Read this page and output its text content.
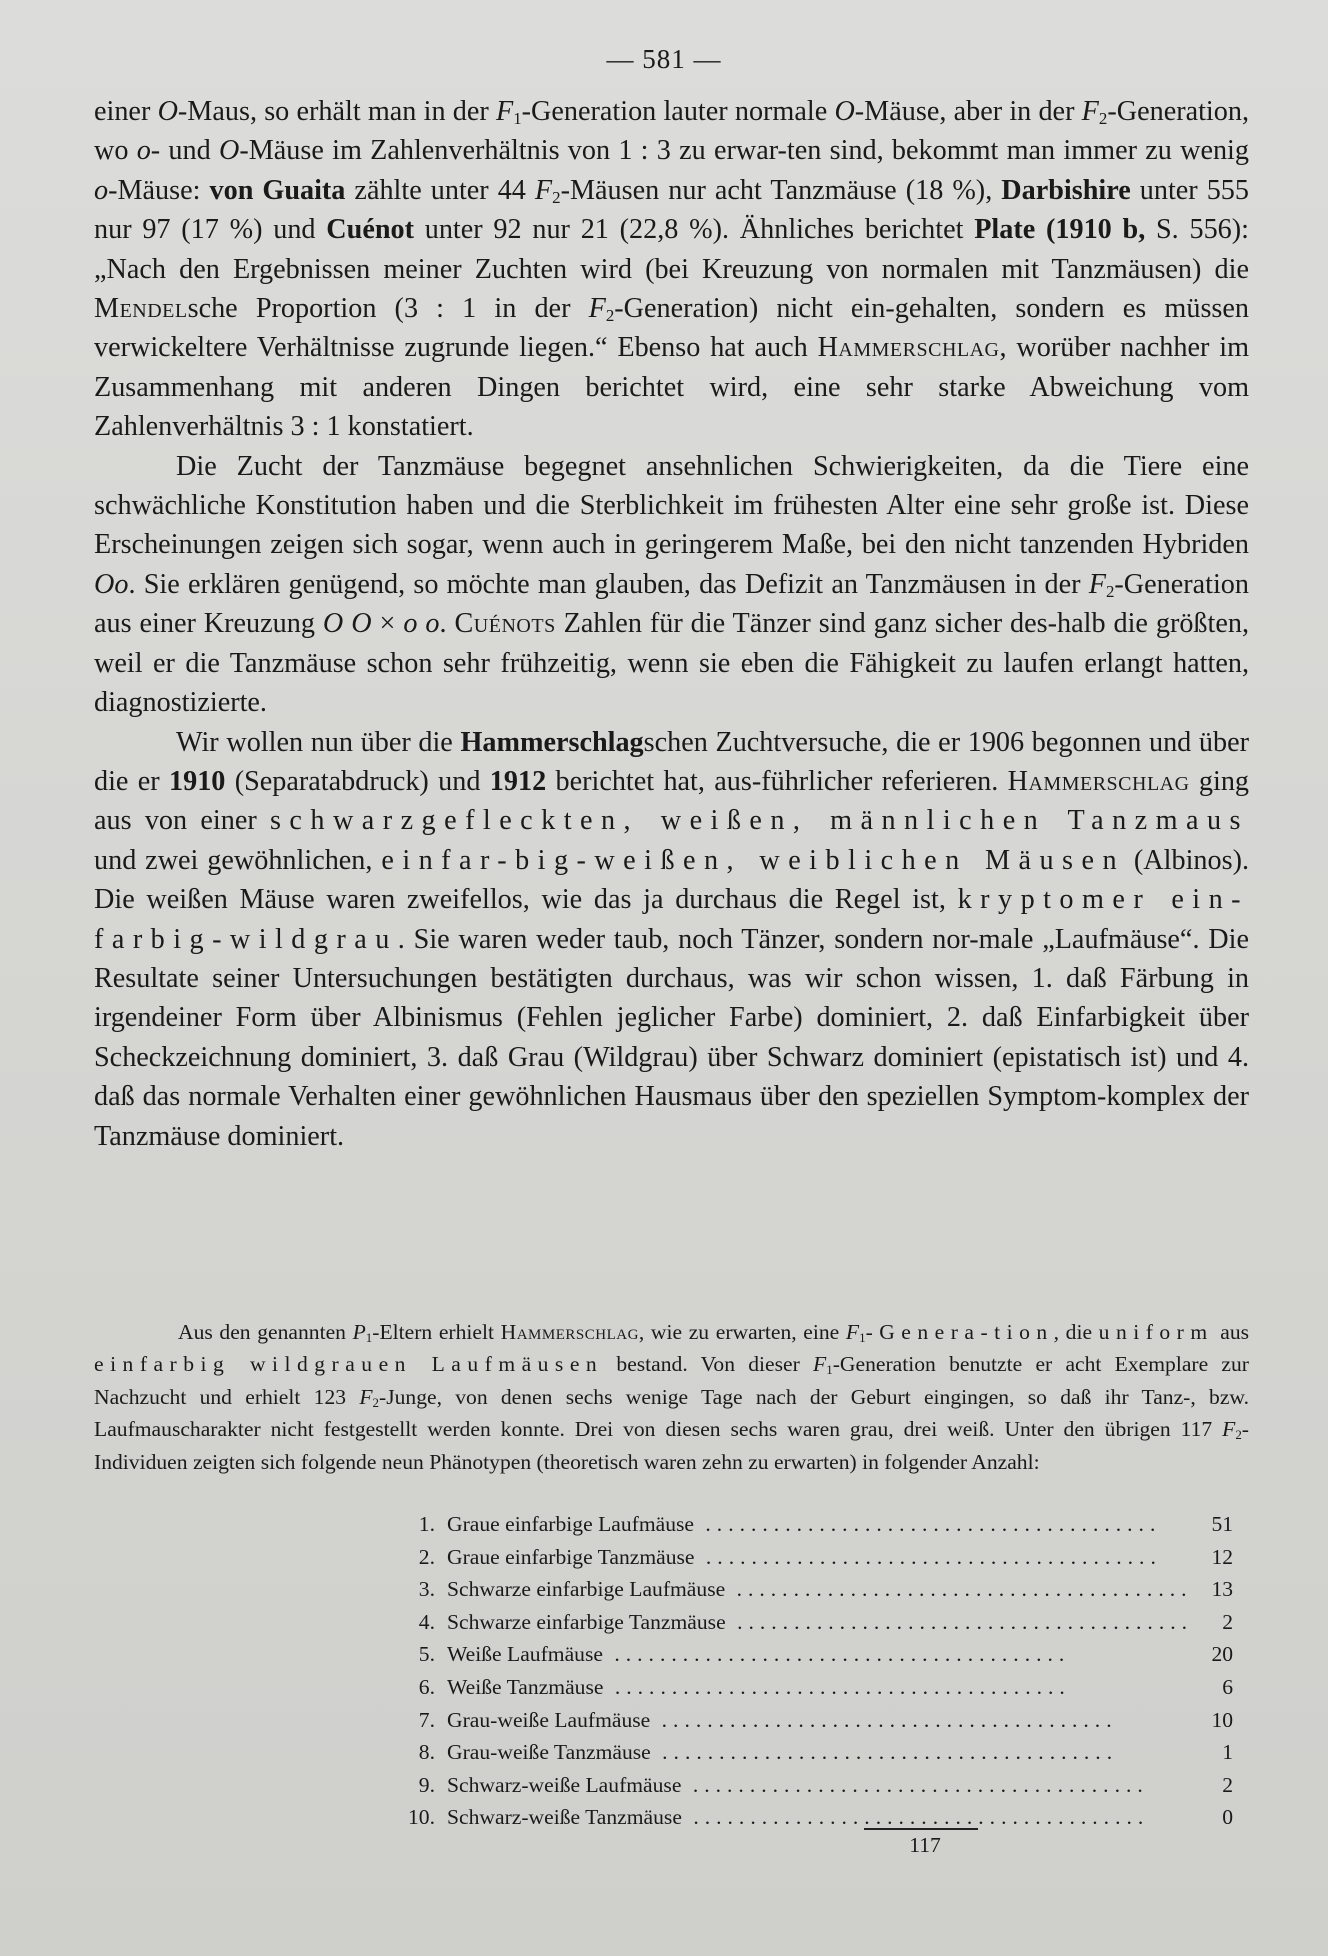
— 581 —

einer O-Maus, so erhält man in der $F_1$-Generation lauter normale O-Mäuse, aber in der $F_2$-Generation, wo o- und O-Mäuse im Zahlenverhältnis von 1 : 3 zu erwar-ten sind, bekommt man immer zu wenig o-Mäuse: von Guaita zählte unter 44 $F_2$-Mäusen nur acht Tanzmäuse (18 %), Darbishire unter 555 nur 97 (17 %) und Cuénot unter 92 nur 21 (22,8 %). Ähnliches berichtet Plate (1910 b, S. 556): „Nach den Ergebnissen meiner Zuchten wird (bei Kreuzung von normalen mit Tanzmäusen) die Mendelsche Proportion (3 : 1 in der $F_2-Generation$) nicht ein-gehalten, sondern es müssen verwickeltere Verhältnisse zugrunde liegen.“ Ebenso hat auch Hammerschlag, worüber nachher im Zusammenhang mit anderen Dingen berichtet wird, eine sehr starke Abweichung vom Zahlenverhältnis 3 : 1 konstatiert.

Die Zucht der Tanzmäuse begegnet ansehnlichen Schwierigkeiten, da die Tiere eine schwächliche Konstitution haben und die Sterblichkeit im frühesten Alter eine sehr große ist. Diese Erscheinungen zeigen sich sogar, wenn auch in geringerem Maße, bei den nicht tanzenden Hybriden Oo. Sie erklären genügend, so möchte man glauben, das Defizit an Tanzmäusen in der $F_2$-Generation aus einer Kreuzung O O × o o. Cuénots Zahlen für die Tänzer sind ganz sicher des-halb die größten, weil er die Tanzmäuse schon sehr frühzeitig, wenn sie eben die Fähigkeit zu laufen erlangt hatten, diagnostizierte.

Wir wollen nun über die Hammerschlagschen Zuchtversuche, die er 1906 begonnen und über die er 1910 (Separatabdruck) und 1912 berichtet hat, aus-führlicher referieren. Hammerschlag ging aus von einer schwarzgefleckten, weißen, männlichen Tanzmaus und zwei gewöhnlichen, einfar-big-weißen, weiblichen Mäusen (Albinos). Die weißen Mäuse waren zweifellos, wie das ja durchaus die Regel ist, kryptomer ein-farbig-wildgrau. Sie waren weder taub, noch Tänzer, sondern nor-male „Laufmäuse“. Die Resultate seiner Untersuchungen bestätigten durchaus, was wir schon wissen, 1. daß Färbung in irgendeiner Form über Albinismus (Fehlen jeglicher Farbe) dominiert, 2. daß Einfarbigkeit über Scheckzeichnung dominiert, 3. daß Grau (Wildgrau) über Schwarz dominiert (epistatisch ist) und 4. daß das normale Verhalten einer gewöhnlichen Hausmaus über den speziellen Symptom-komplex der Tanzmäuse dominiert.

Aus den genannten $P_1$-Eltern erhielt Hammerschlag, wie zu erwarten, eine $F_1-Genera$-tion, die uniform aus einfarbig wildgrauen Laufmäusen bestand. Von dieser $F_1$-Generation benutzte er acht Exemplare zur Nachzucht und erhielt 123 $F_2$-Junge, von denen sechs wenige Tage nach der Geburt eingingen, so daß ihr Tanz-, bzw. Laufmauscharakter nicht festgestellt werden konnte. Drei von diesen sechs waren grau, drei weiß. Unter den übrigen 117 $F_2$-Individuen zeigten sich folgende neun Phänotypen (theoretisch waren zehn zu erwarten) in folgender Anzahl:

1.	Graue einfarbige Laufmäuse ........................................	51
2.	Graue einfarbige Tanzmäuse ........................................	12
3.	Schwarze einfarbige Laufmäuse ........................................	13
4.	Schwarze einfarbige Tanzmäuse ........................................	2
5.	Weiße Laufmäuse ........................................	20
6.	Weiße Tanzmäuse ........................................	6
7.	Grau-weiße Laufmäuse ........................................	10
8.	Grau-weiße Tanzmäuse ........................................	1
9.	Schwarz-weiße Laufmäuse ........................................	2
10.	Schwarz-weiße Tanzmäuse ........................................	0
117
